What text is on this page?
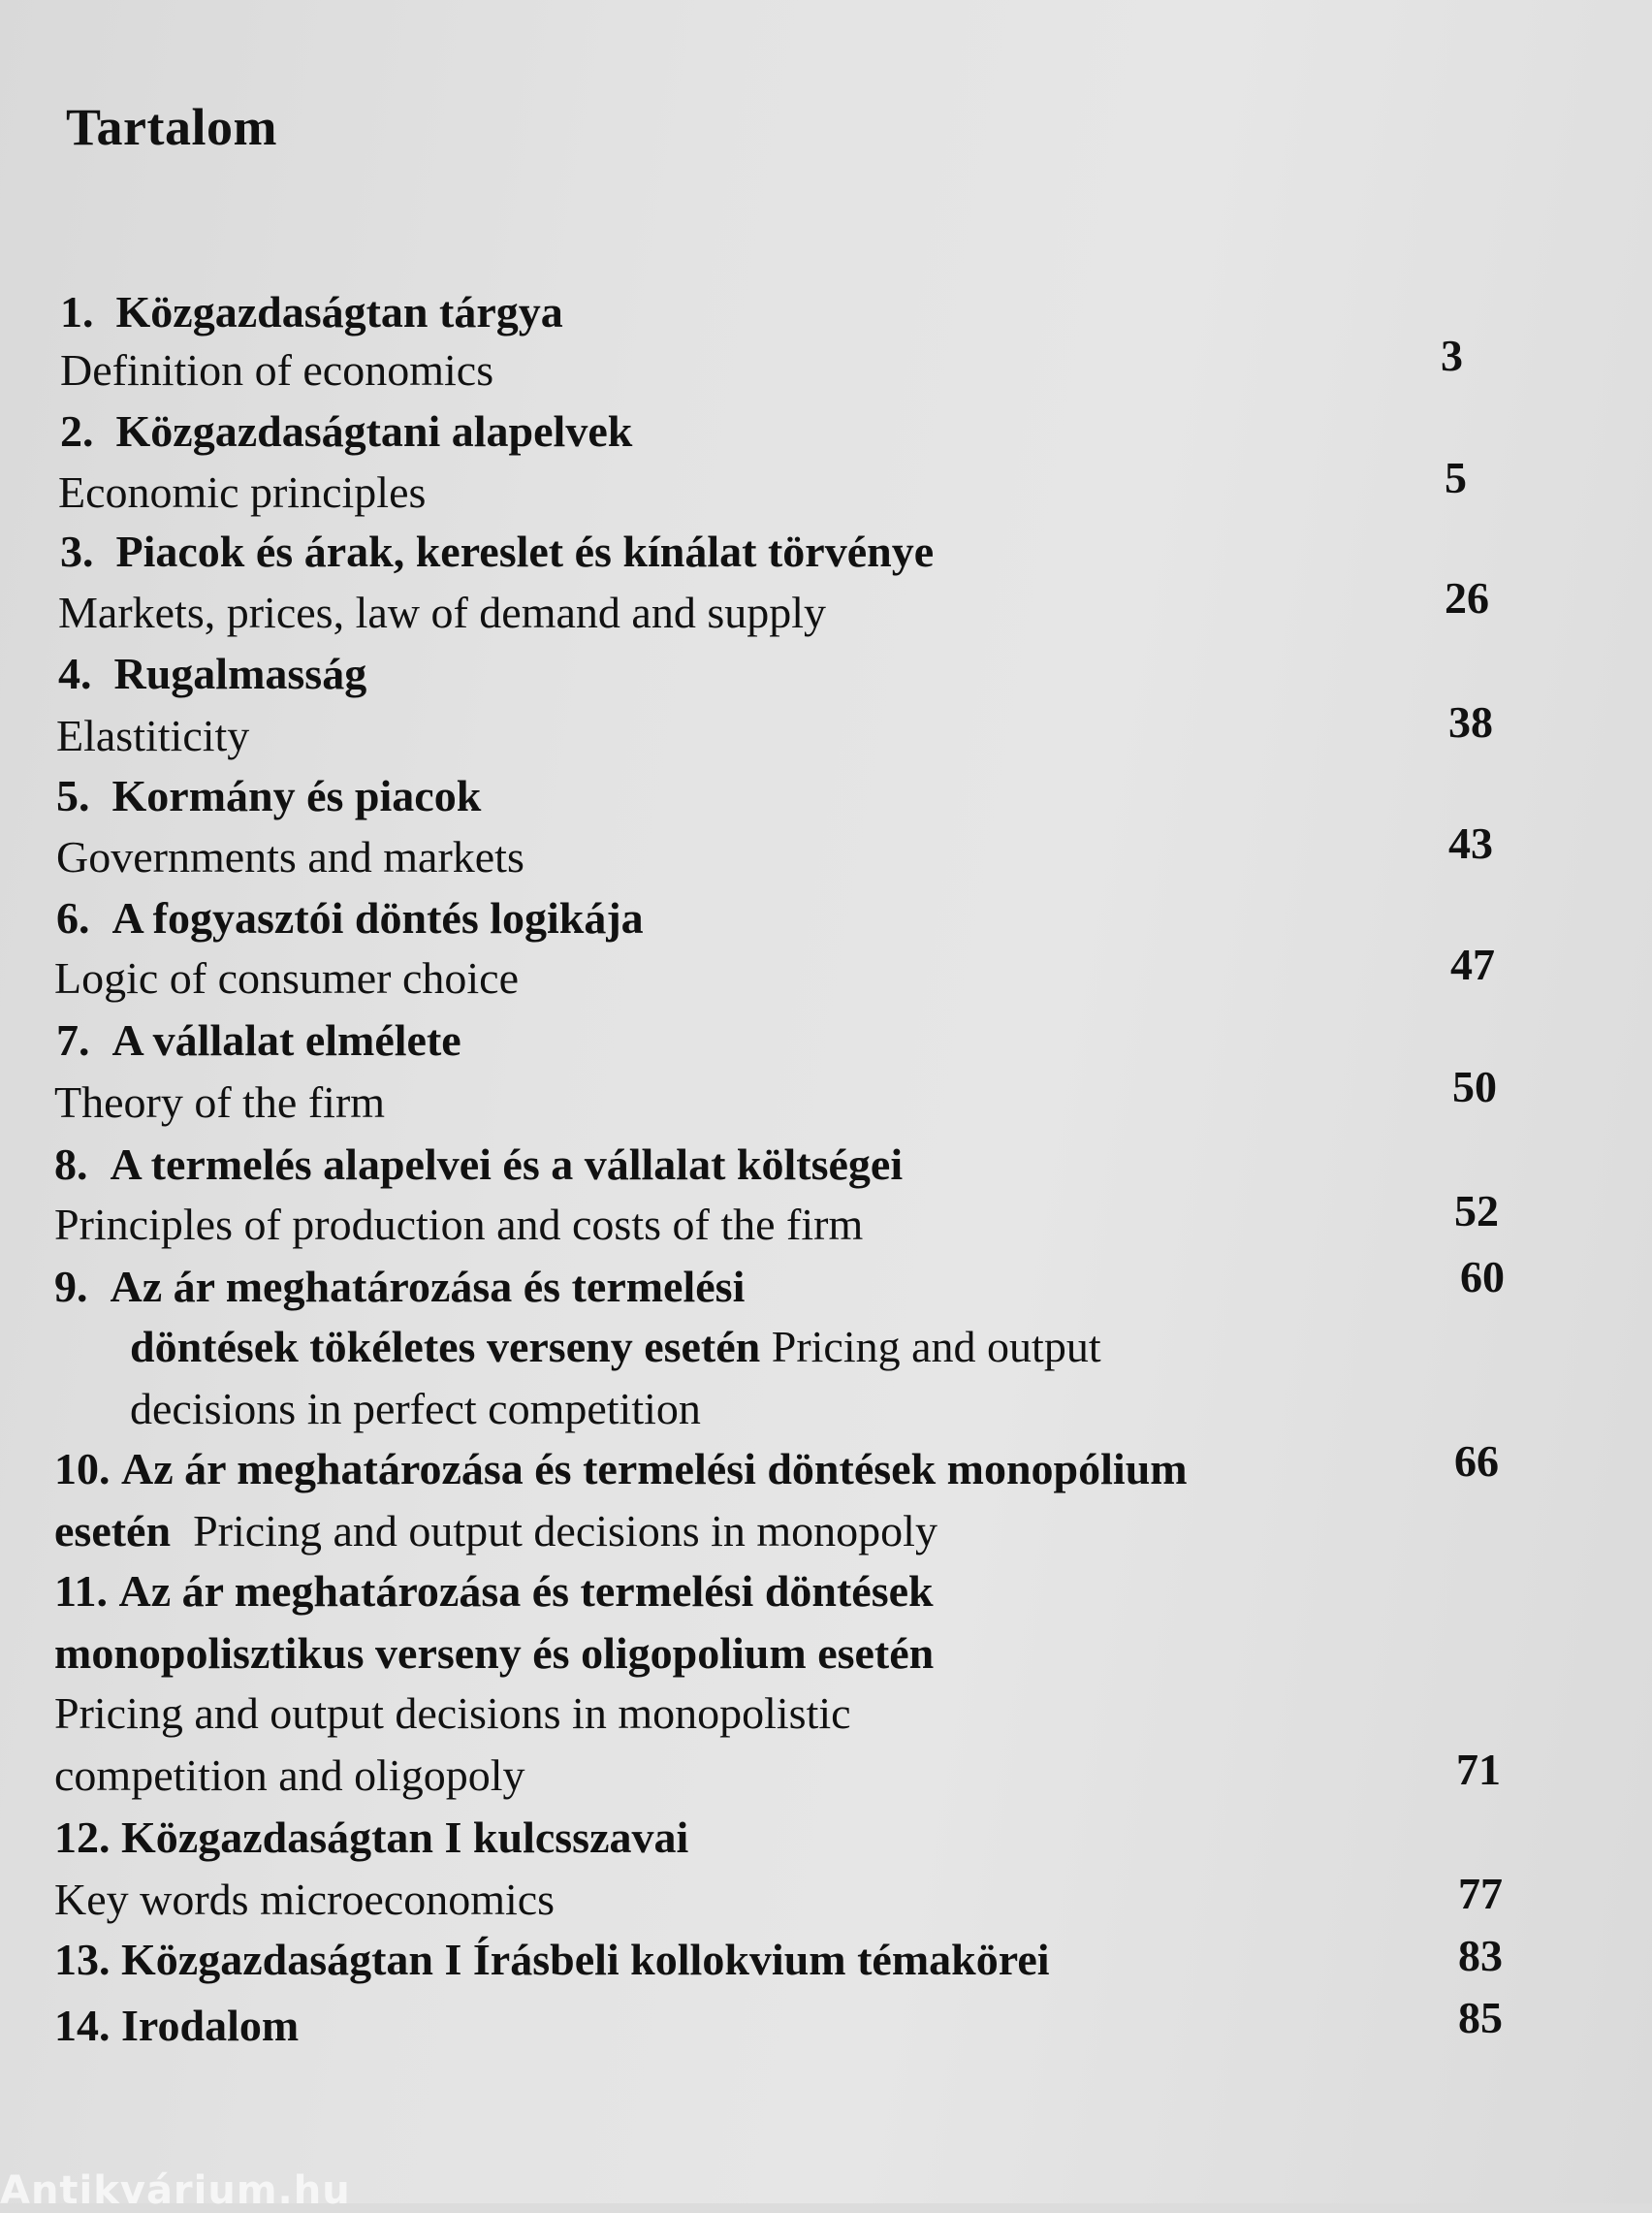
Tartalom
1. Közgazdaságtan tárgya
Definition of economics	3
2. Közgazdaságtani alapelvek
Economic principles	5
3. Piacok és árak, kereslet és kínálat törvénye
Markets, prices, law of demand and supply	26
4. Rugalmasság
Elastiticity	38
5. Kormány és piacok
Governments and markets	43
6. A fogyasztói döntés logikája
Logic of consumer choice	47
7. A vállalat elmélete
Theory of the firm	50
8. A termelés alapelvei és a vállalat költségei
Principles of production and costs of the firm	52
9. Az ár meghatározása és termelési	60
döntések tökéletes verseny esetén Pricing and output
decisions in perfect competition
10. Az ár meghatározása és termelési döntések monopólium	66
esetén Pricing and output decisions in monopoly
11. Az ár meghatározása és termelési döntések
monopolisztikus verseny és oligopolium esetén
Pricing and output decisions in monopolistic
competition and oligopoly	71
12. Közgazdaságtan I kulcsszavai
Key words microeconomics	77
13. Közgazdaságtan I Írásbeli kollokvium témakörei	83
14. Irodalom	85
Antikvárium.hu
